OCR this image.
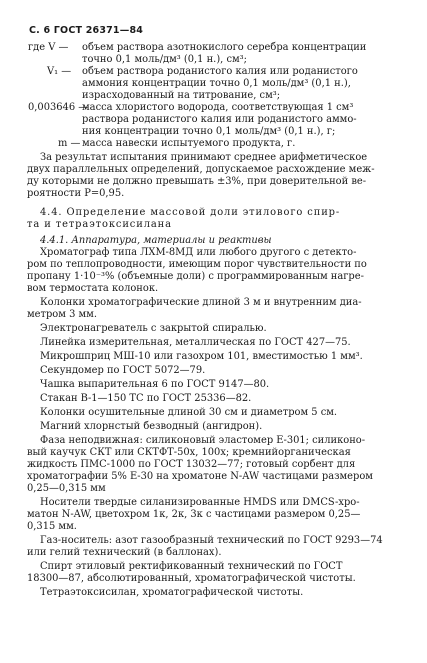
С. 6 ГОСТ 26371—84
где V — объем раствора азотнокислого серебра концентрации
точно 0,1 моль/дм³ (0,1 н.), см³;
V₁ — объем раствора роданистого калия или роданистого
аммония концентрации точно 0,1 моль/дм³ (0,1 н.),
израсходованный на титрование, см³;
0,003646 —
масса хлористого водорода, соответствующая 1 см³
раствора роданистого калия или роданистого аммо-
ния концентрации точно 0,1 моль/дм³ (0,1 н.), г;
m — масса навески испытуемого продукта, г.
За результат испытания принимают среднее арифметическое
двух параллельных определений, допускаемое расхождение меж-
ду которыми не должно превышать ±3%, при доверительной ве-
роятности Р=0,95.
4.4. Определение массовой доли этилового спир-
та и тетраэтоксисилана
4.4.1. Аппаратура, материалы и реактивы
Хроматограф типа ЛХМ-8МД или любого другого с детекто-
ром по теплопроводности, имеющим порог чувствительности по
пропану 1·10⁻³% (объемные доли) с программированным нагре-
вом термостата колонок.
Колонки хроматографические длиной 3 м и внутренним диа-
метром 3 мм.
Электронагреватель с закрытой спиралью.
Линейка измерительная, металлическая по ГОСТ 427—75.
Микрошприц МШ-10 или газохром 101, вместимостью 1 мм³.
Секундомер по ГОСТ 5072—79.
Чашка выпарительная 6 по ГОСТ 9147—80.
Стакан В-1—150 ТС по ГОСТ 25336—82.
Колонки осушительные длиной 30 см и диаметром 5 см.
Магний хлорнстый безводный (ангидрон).
Фаза неподвижная: силиконовый эластомер Е-301; силиконо-
вый каучук СКТ или СКТФТ-50х, 100х; кремнийорганическая
жидкость ПМС-1000 по ГОСТ 13032—77; готовый сорбент для
хроматографии 5% Е-30 на хроматоне N-AW частицами размером
0,25—0,315 мм
Носители твердые силанизированные HMDS или DMCS-хро-
матон N-AW, цветохром 1к, 2к, 3к с частицами размером 0,25—
0,315 мм.
Газ-носитель: азот газообразный технический по ГОСТ 9293—74
или гелий технический (в баллонах).
Спирт этиловый ректификованный технический по ГОСТ
18300—87, абсолютированный, хроматографической чистоты.
Тетраэтоксисилан, хроматографической чистоты.
